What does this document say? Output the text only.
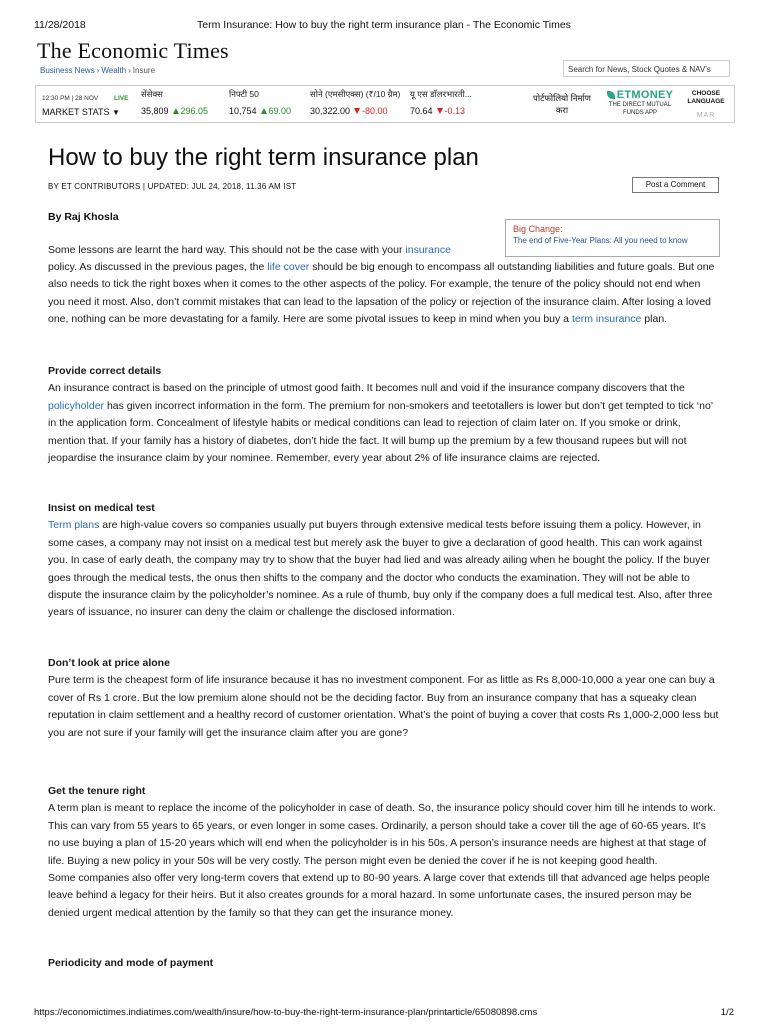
11/28/2018	Term Insurance: How to buy the right term insurance plan - The Economic Times
The Economic Times
Business News › Wealth › Insure	Search for News, Stock Quotes & NAV's
12:30 PM | 28 NOV LIVE
MARKET STATS ▼
सेंसेक्स
35,809 296.05
निफ्टी 50
10,754 69.00
सोने (एमसीएक्स) (₹/10 ग्रैम)
30,322.00 -80.00
यू एस डॉलरभारती...
70.64 -0.13
पोर्टफोलियो निर्माण करा
ETMONEY
THE DIRECT MUTUAL FUNDS APP
CHOOSE LANGUAGE
MAR
How to buy the right term insurance plan
BY ET CONTRIBUTORS | UPDATED: JUL 24, 2018, 11.36 AM IST	Post a Comment
By Raj Khosla
Big Change:
The end of Five-Year Plans: All you need to know

Some lessons are learnt the hard way. This should not be the case with your insurance

policy. As discussed in the previous pages, the life cover should be big enough to encompass all outstanding liabilities and future goals. But one also needs to tick the right boxes when it comes to the other aspects of the policy. For example, the tenure of the policy should not end when you need it most. Also, don’t commit mistakes that can lead to the lapsation of the policy or rejection of the insurance claim. After losing a loved one, nothing can be more devastating for a family. Here are some pivotal issues to keep in mind when you buy a term insurance plan.

Provide correct details

An insurance contract is based on the principle of utmost good faith. It becomes null and void if the insurance company discovers that the policyholder has given incorrect information in the form. The premium for non-smokers and teetotallers is lower but don’t get tempted to tick ‘no’ in the application form. Concealment of lifestyle habits or medical conditions can lead to rejection of claim later on. If you smoke or drink, mention that. If your family has a history of diabetes, don’t hide the fact. It will bump up the premium by a few thousand rupees but will not jeopardise the insurance claim by your nominee. Remember, every year about 2% of life insurance claims are rejected.

Insist on medical test

Term plans are high-value covers so companies usually put buyers through extensive medical tests before issuing them a policy. However, in some cases, a company may not insist on a medical test but merely ask the buyer to give a declaration of good health. This can work against you. In case of early death, the company may try to show that the buyer had lied and was already ailing when he bought the policy. If the buyer goes through the medical tests, the onus then shifts to the company and the doctor who conducts the examination. They will not be able to dispute the insurance claim by the policyholder’s nominee. As a rule of thumb, buy only if the company does a full medical test. Also, after three years of issuance, no insurer can deny the claim or challenge the disclosed information.

Don’t look at price alone

Pure term is the cheapest form of life insurance because it has no investment component. For as little as Rs 8,000-10,000 a year one can buy a cover of Rs 1 crore. But the low premium alone should not be the deciding factor. Buy from an insurance company that has a squeaky clean reputation in claim settlement and a healthy record of customer orientation. What’s the point of buying a cover that costs Rs 1,000-2,000 less but you are not sure if your family will get the insurance claim after you are gone?

Get the tenure right

A term plan is meant to replace the income of the policyholder in case of death. So, the insurance policy should cover him till he intends to work. This can vary from 55 years to 65 years, or even longer in some cases. Ordinarily, a person should take a cover till the age of 60-65 years. It’s no use buying a plan of 15-20 years which will end when the policyholder is in his 50s. A person’s insurance needs are highest at that stage of life. Buying a new policy in your 50s will be very costly. The person might even be denied the cover if he is not keeping good health.

Some companies also offer very long-term covers that extend up to 80-90 years. A large cover that extends till that advanced age helps people leave behind a legacy for their heirs. But it also creates grounds for a moral hazard. In some unfortunate cases, the insured person may be denied urgent medical attention by the family so that they can get the insurance money.

Periodicity and mode of payment

https://economictimes.indiatimes.com/wealth/insure/how-to-buy-the-right-term-insurance-plan/printarticle/65080898.cms	1/2
